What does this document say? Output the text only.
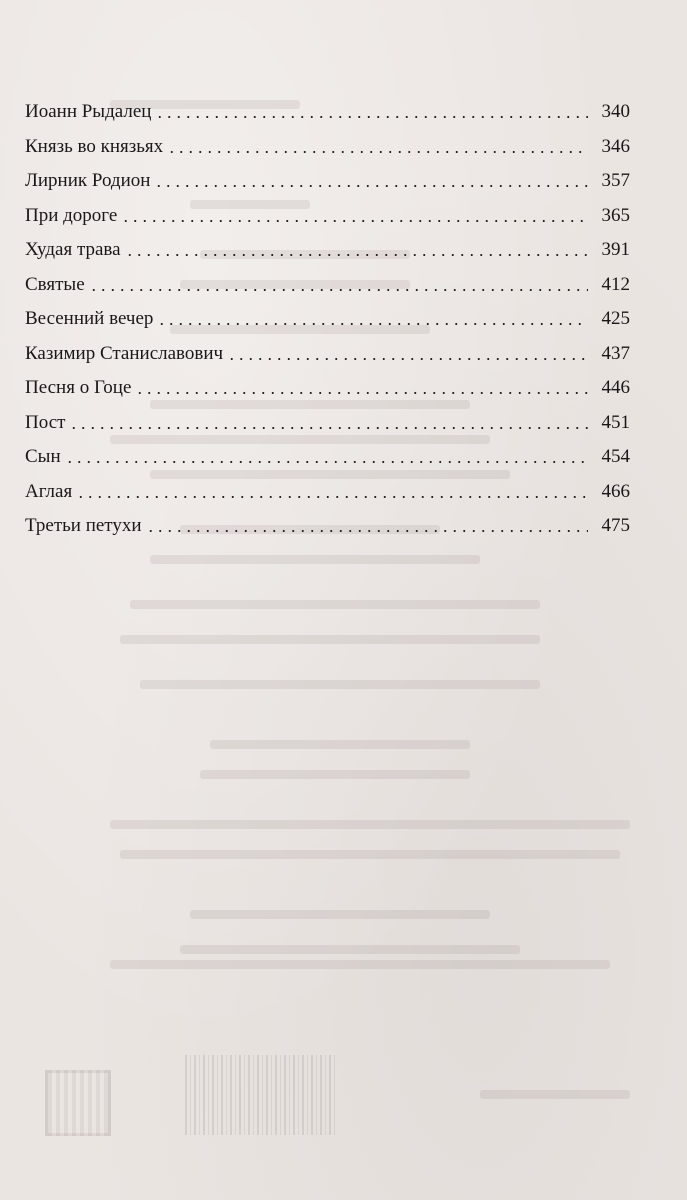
Иоанн Рыдалец	340
Князь во князьях	346
Лирник Родион	357
При дороге	365
Худая трава	391
Святые	412
Весенний вечер	425
Казимир Станиславович	437
Песня о Гоце	446
Пост	451
Сын	454
Аглая	466
Третьи петухи	475
